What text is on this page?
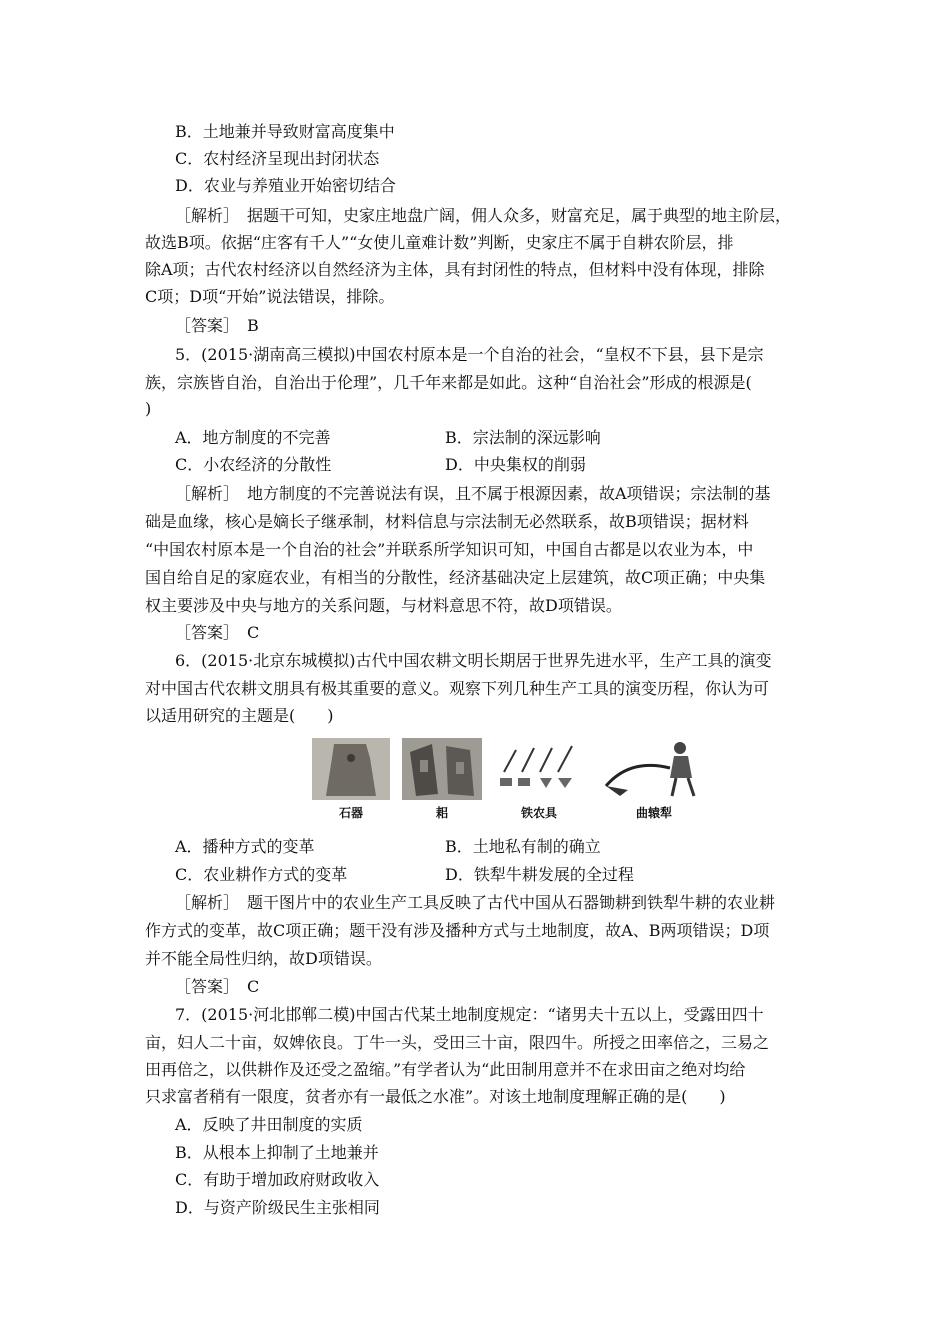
B．土地兼并导致财富高度集中
C．农村经济呈现出封闭状态
D．农业与养殖业开始密切结合
［解析］　据题干可知，史家庄地盘广阔，佣人众多，财富充足，属于典型的地主阶层，
故选B项。依据“庄客有千人”“女使儿童难计数”判断，史家庄不属于自耕农阶层，排
除A项；古代农村经济以自然经济为主体，具有封闭性的特点，但材料中没有体现，排除
C项；D项“开始”说法错误，排除。
［答案］　B
5．(2015·湖南高三模拟)中国农村原本是一个自治的社会，“皇权不下县，县下是宗
族，宗族皆自治，自治出于伦理”，几千年来都是如此。这种“自治社会”形成的根源是(
)
A．地方制度的不完善	B．宗法制的深远影响
C．小农经济的分散性	D．中央集权的削弱
［解析］　地方制度的不完善说法有误，且不属于根源因素，故A项错误；宗法制的基
础是血缘，核心是嫡长子继承制，材料信息与宗法制无必然联系，故B项错误；据材料
“中国农村原本是一个自治的社会”并联系所学知识可知，中国自古都是以农业为本，中
国自给自足的家庭农业，有相当的分散性，经济基础决定上层建筑，故C项正确；中央集
权主要涉及中央与地方的关系问题，与材料意思不符，故D项错误。
［答案］　C
6．(2015·北京东城模拟)古代中国农耕文明长期居于世界先进水平，生产工具的演变
对中国古代农耕文朋具有极其重要的意义。观察下列几种生产工具的演变历程，你认为可
以适用研究的主题是(　　)
石器	耜	铁农具	曲辕犁
A．播种方式的变革	B．土地私有制的确立
C．农业耕作方式的变革	D．铁犁牛耕发展的全过程
［解析］　题干图片中的农业生产工具反映了古代中国从石器锄耕到铁犁牛耕的农业耕
作方式的变革，故C项正确；题干没有涉及播种方式与土地制度，故A、B两项错误；D项
并不能全局性归纳，故D项错误。
［答案］　C
7．(2015·河北邯郸二模)中国古代某土地制度规定：“诸男夫十五以上，受露田四十
亩，妇人二十亩，奴婢依良。丁牛一头，受田三十亩，限四牛。所授之田率倍之，三易之
田再倍之，以供耕作及还受之盈缩。”有学者认为“此田制用意并不在求田亩之绝对均给
只求富者稍有一限度，贫者亦有一最低之水准”。对该土地制度理解正确的是(　　)
A．反映了井田制度的实质
B．从根本上抑制了土地兼并
C．有助于增加政府财政收入
D．与资产阶级民生主张相同
